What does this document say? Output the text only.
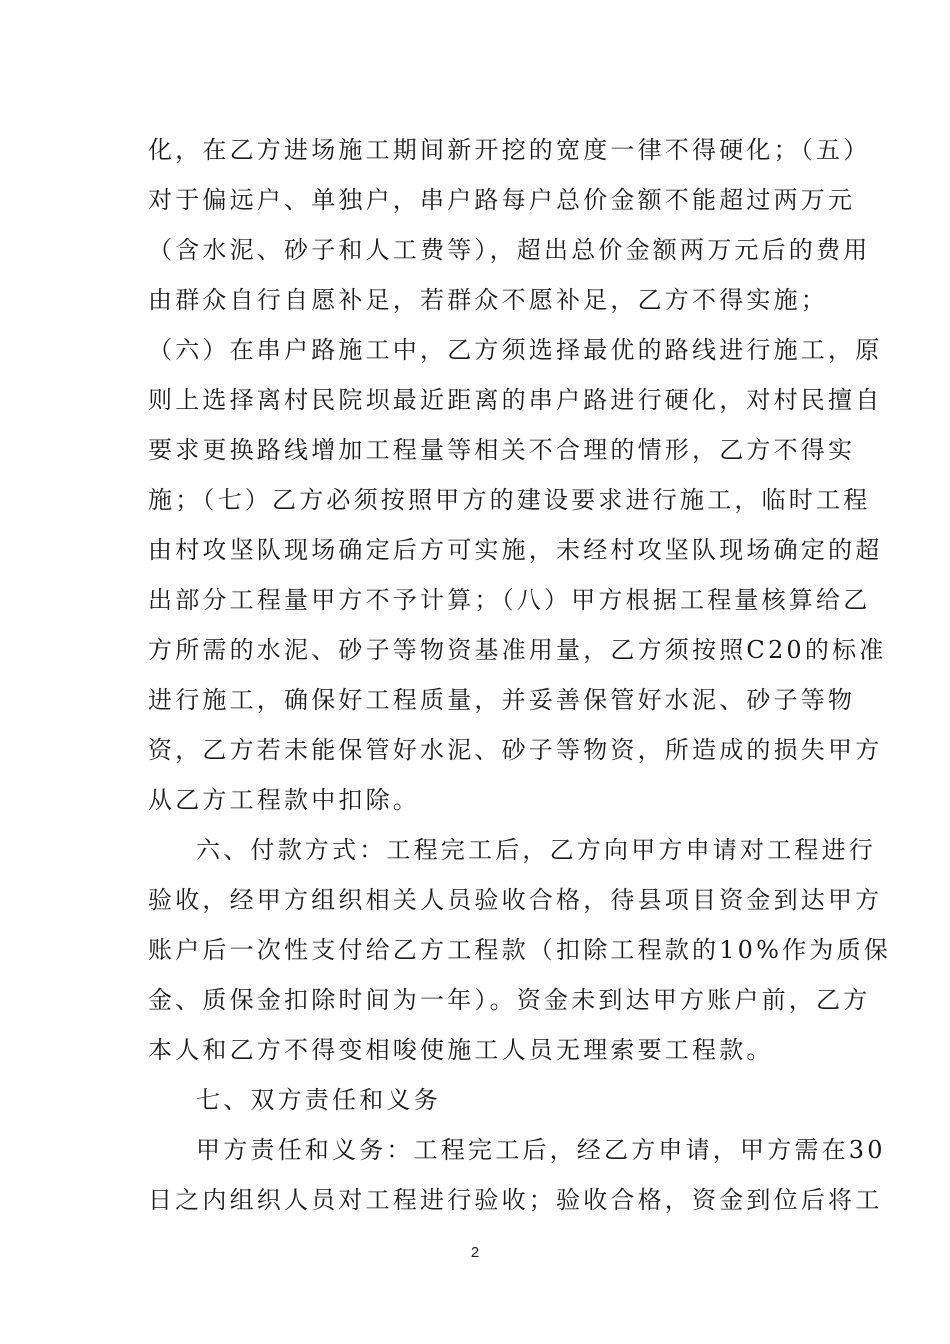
化，在乙方进场施工期间新开挖的宽度一律不得硬化；（五）
对于偏远户、单独户，串户路每户总价金额不能超过两万元
（含水泥、砂子和人工费等），超出总价金额两万元后的费用
由群众自行自愿补足，若群众不愿补足，乙方不得实施；
（六）在串户路施工中，乙方须选择最优的路线进行施工，原
则上选择离村民院坝最近距离的串户路进行硬化，对村民擅自
要求更换路线增加工程量等相关不合理的情形，乙方不得实
施；（七）乙方必须按照甲方的建设要求进行施工，临时工程
由村攻坚队现场确定后方可实施，未经村攻坚队现场确定的超
出部分工程量甲方不予计算；（八）甲方根据工程量核算给乙
方所需的水泥、砂子等物资基准用量，乙方须按照C20的标准
进行施工，确保好工程质量，并妥善保管好水泥、砂子等物
资，乙方若未能保管好水泥、砂子等物资，所造成的损失甲方
从乙方工程款中扣除。
六、付款方式：工程完工后，乙方向甲方申请对工程进行
验收，经甲方组织相关人员验收合格，待县项目资金到达甲方
账户后一次性支付给乙方工程款（扣除工程款的10%作为质保
金、质保金扣除时间为一年）。资金未到达甲方账户前，乙方
本人和乙方不得变相唆使施工人员无理索要工程款。
七、双方责任和义务
甲方责任和义务：工程完工后，经乙方申请，甲方需在30
日之内组织人员对工程进行验收；验收合格，资金到位后将工
2
